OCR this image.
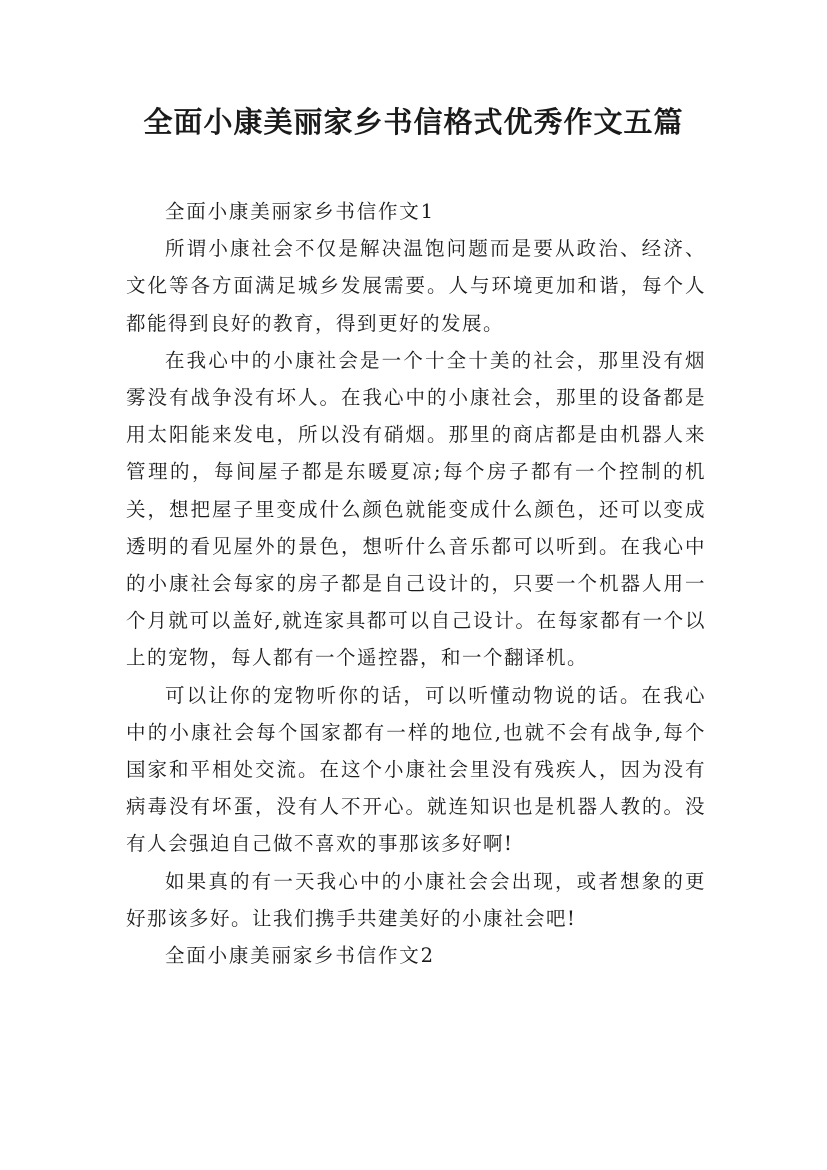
全面小康美丽家乡书信格式优秀作文五篇

全面小康美丽家乡书信作文1

所谓小康社会不仅是解决温饱问题而是要从政治、经济、文化等各方面满足城乡发展需要。人与环境更加和谐，每个人都能得到良好的教育，得到更好的发展。

在我心中的小康社会是一个十全十美的社会，那里没有烟雾没有战争没有坏人。在我心中的小康社会，那里的设备都是用太阳能来发电，所以没有硝烟。那里的商店都是由机器人来管理的，每间屋子都是东暖夏凉;每个房子都有一个控制的机关，想把屋子里变成什么颜色就能变成什么颜色，还可以变成透明的看见屋外的景色，想听什么音乐都可以听到。在我心中的小康社会每家的房子都是自己设计的，只要一个机器人用一个月就可以盖好,就连家具都可以自己设计。在每家都有一个以上的宠物，每人都有一个遥控器，和一个翻译机。

可以让你的宠物听你的话，可以听懂动物说的话。在我心中的小康社会每个国家都有一样的地位,也就不会有战争,每个国家和平相处交流。在这个小康社会里没有残疾人，因为没有病毒没有坏蛋，没有人不开心。就连知识也是机器人教的。没有人会强迫自己做不喜欢的事那该多好啊!

如果真的有一天我心中的小康社会会出现，或者想象的更好那该多好。让我们携手共建美好的小康社会吧!

全面小康美丽家乡书信作文2
